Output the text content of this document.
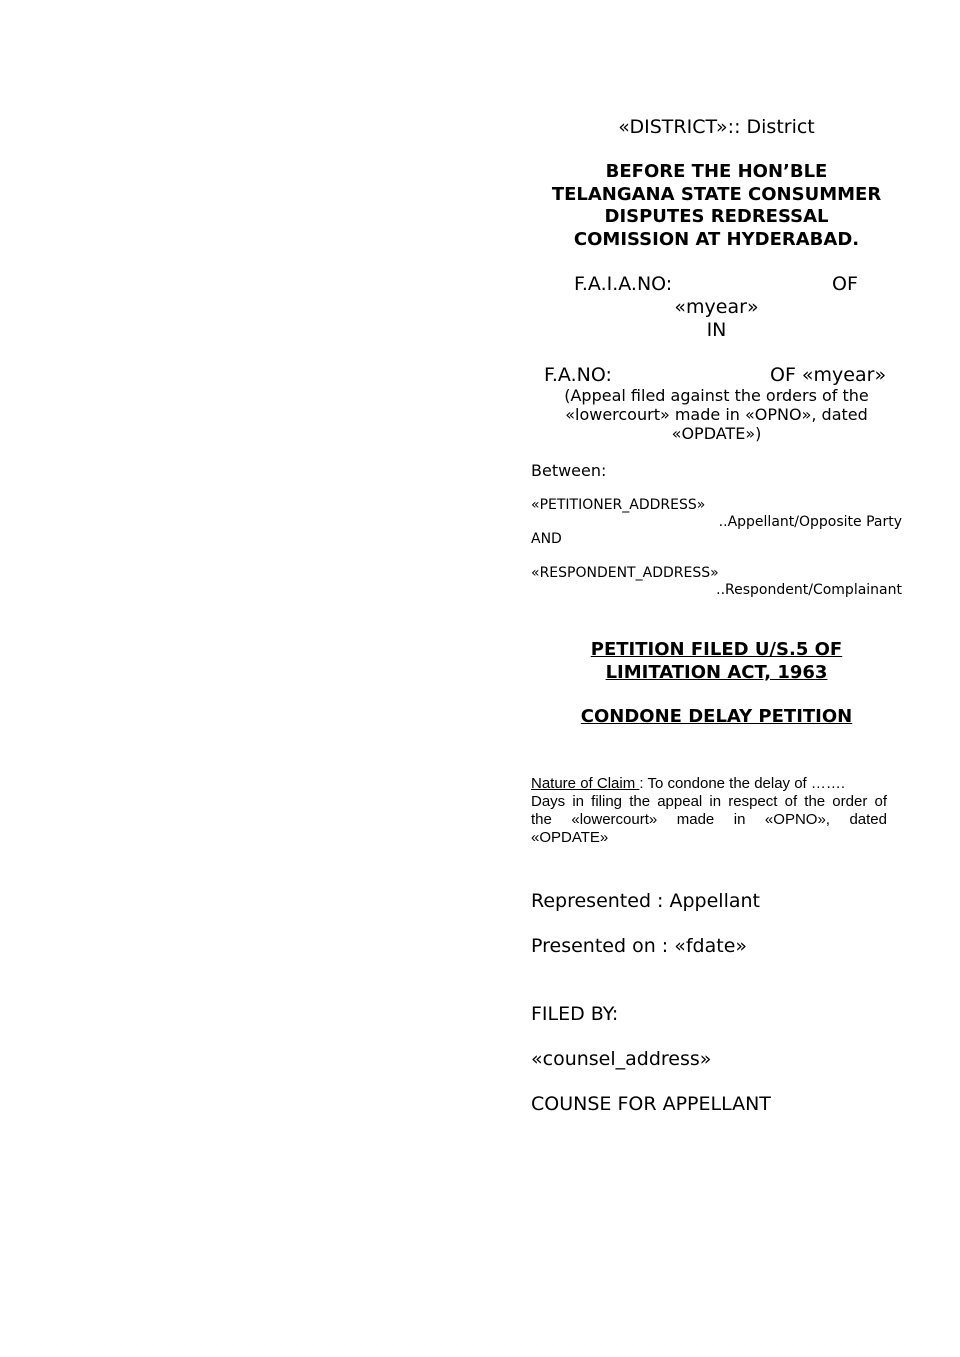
«DISTRICT»:: District
BEFORE THE HON’BLE
TELANGANA STATE CONSUMMER
DISPUTES REDRESSAL
COMISSION AT HYDERABAD.
F.A.I.A.NO:	OF
«myear»
IN
F.A.NO:	OF «myear»
(Appeal filed against the orders of the
«lowercourt» made in «OPNO», dated
«OPDATE»)
Between:
«PETITIONER_ADDRESS»
..Appellant/Opposite Party
AND
«RESPONDENT_ADDRESS»
..Respondent/Complainant
PETITION FILED U/S.5 OF
LIMITATION ACT, 1963
CONDONE DELAY PETITION
Nature of Claim : To condone the delay of …….
Days in filing the appeal in respect of the order of
the «lowercourt» made in «OPNO», dated
«OPDATE»
Represented : Appellant
Presented on : «fdate»
FILED BY:
«counsel_address»
COUNSE FOR APPELLANT
